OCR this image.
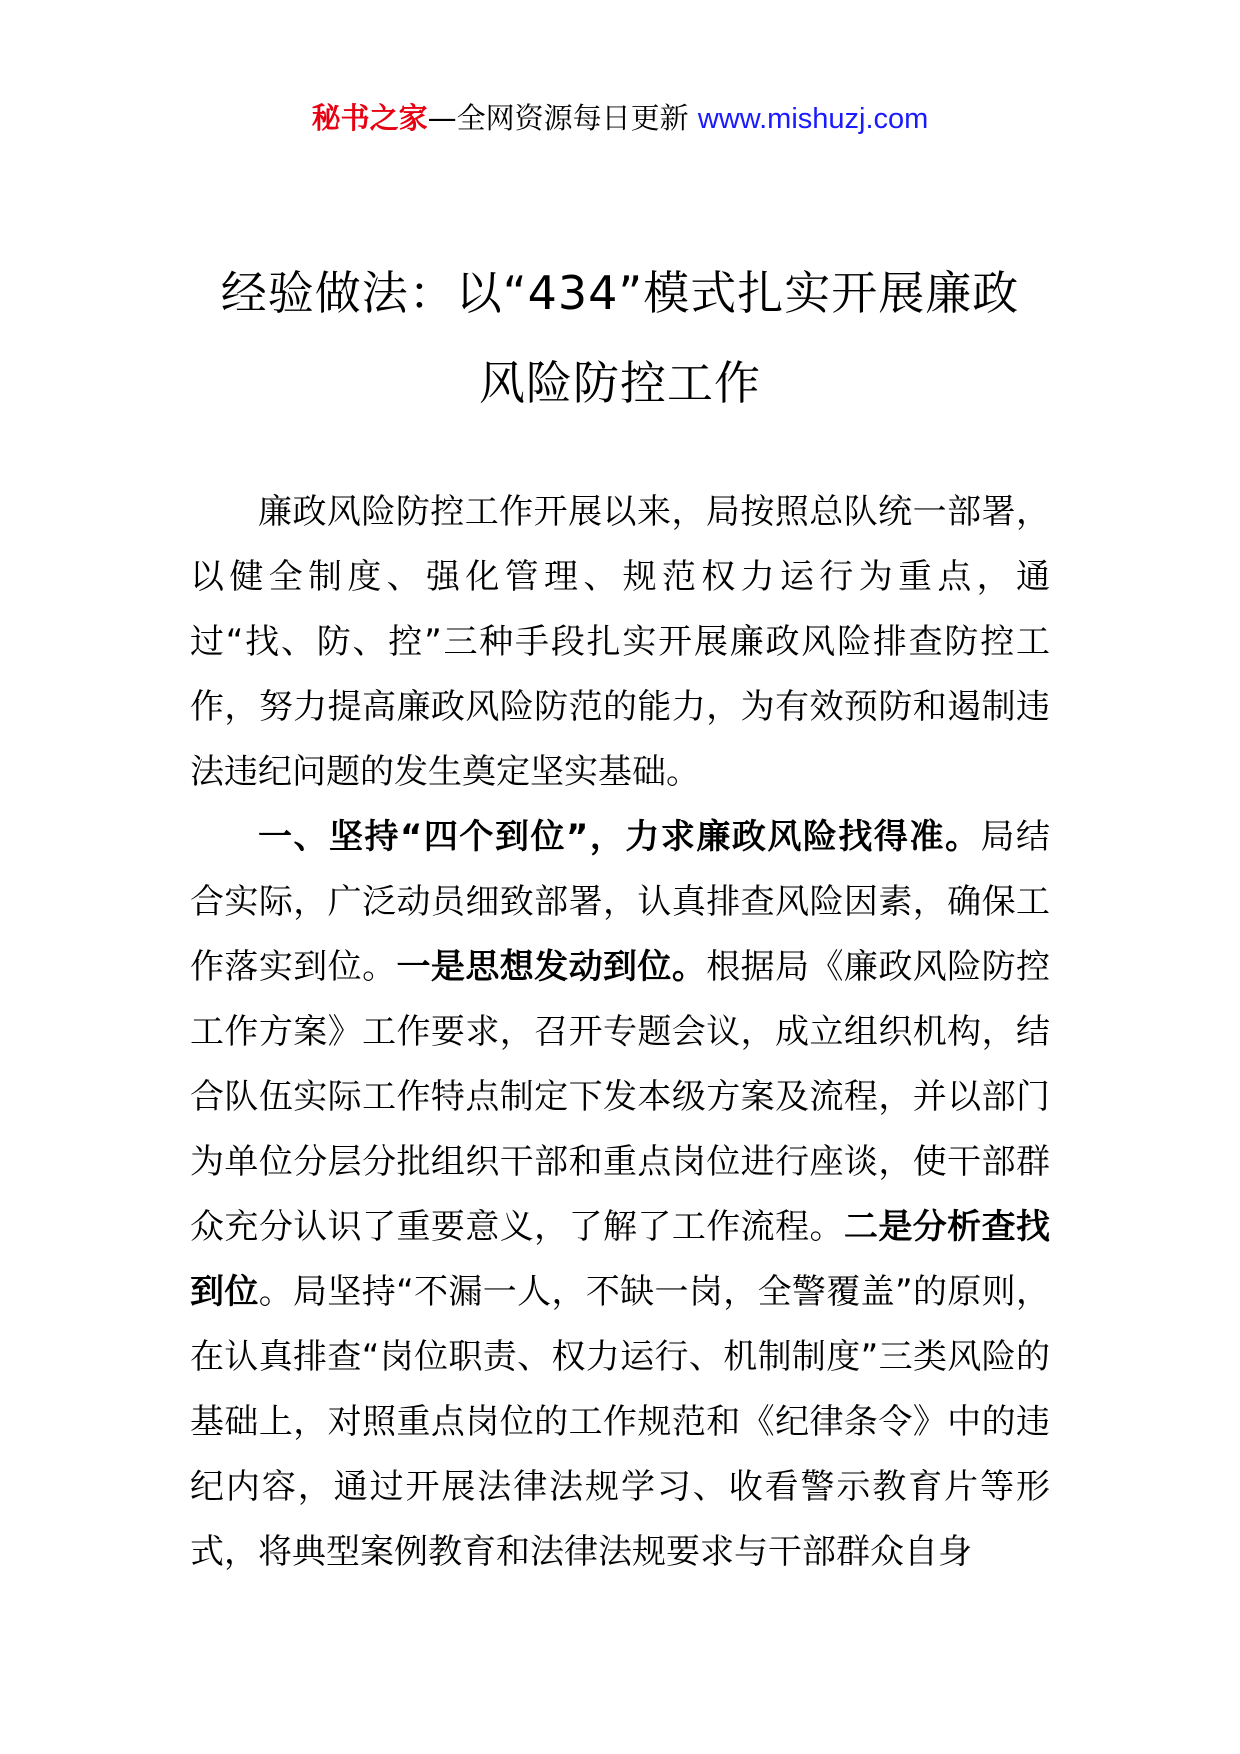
秘书之家—全网资源每日更新 www.mishuzj.com
经验做法：以“434”模式扎实开展廉政
风险防控工作

廉政风险防控工作开展以来，局按照总队统一部署，以健全制度、强化管理、规范权力运行为重点，通过“找、防、控”三种手段扎实开展廉政风险排查防控工作，努力提高廉政风险防范的能力，为有效预防和遏制违法违纪问题的发生奠定坚实基础。

一、坚持“四个到位”，力求廉政风险找得准。局结合实际，广泛动员细致部署，认真排查风险因素，确保工作落实到位。一是思想发动到位。根据局《廉政风险防控工作方案》工作要求，召开专题会议，成立组织机构，结合队伍实际工作特点制定下发本级方案及流程，并以部门为单位分层分批组织干部和重点岗位进行座谈，使干部群众充分认识了重要意义，了解了工作流程。二是分析查找到位。局坚持“不漏一人，不缺一岗，全警覆盖”的原则，在认真排查“岗位职责、权力运行、机制制度”三类风险的基础上，对照重点岗位的工作规范和《纪律条令》中的违纪内容，通过开展法律法规学习、收看警示教育片等形式，将典型案例教育和法律法规要求与干部群众自身
